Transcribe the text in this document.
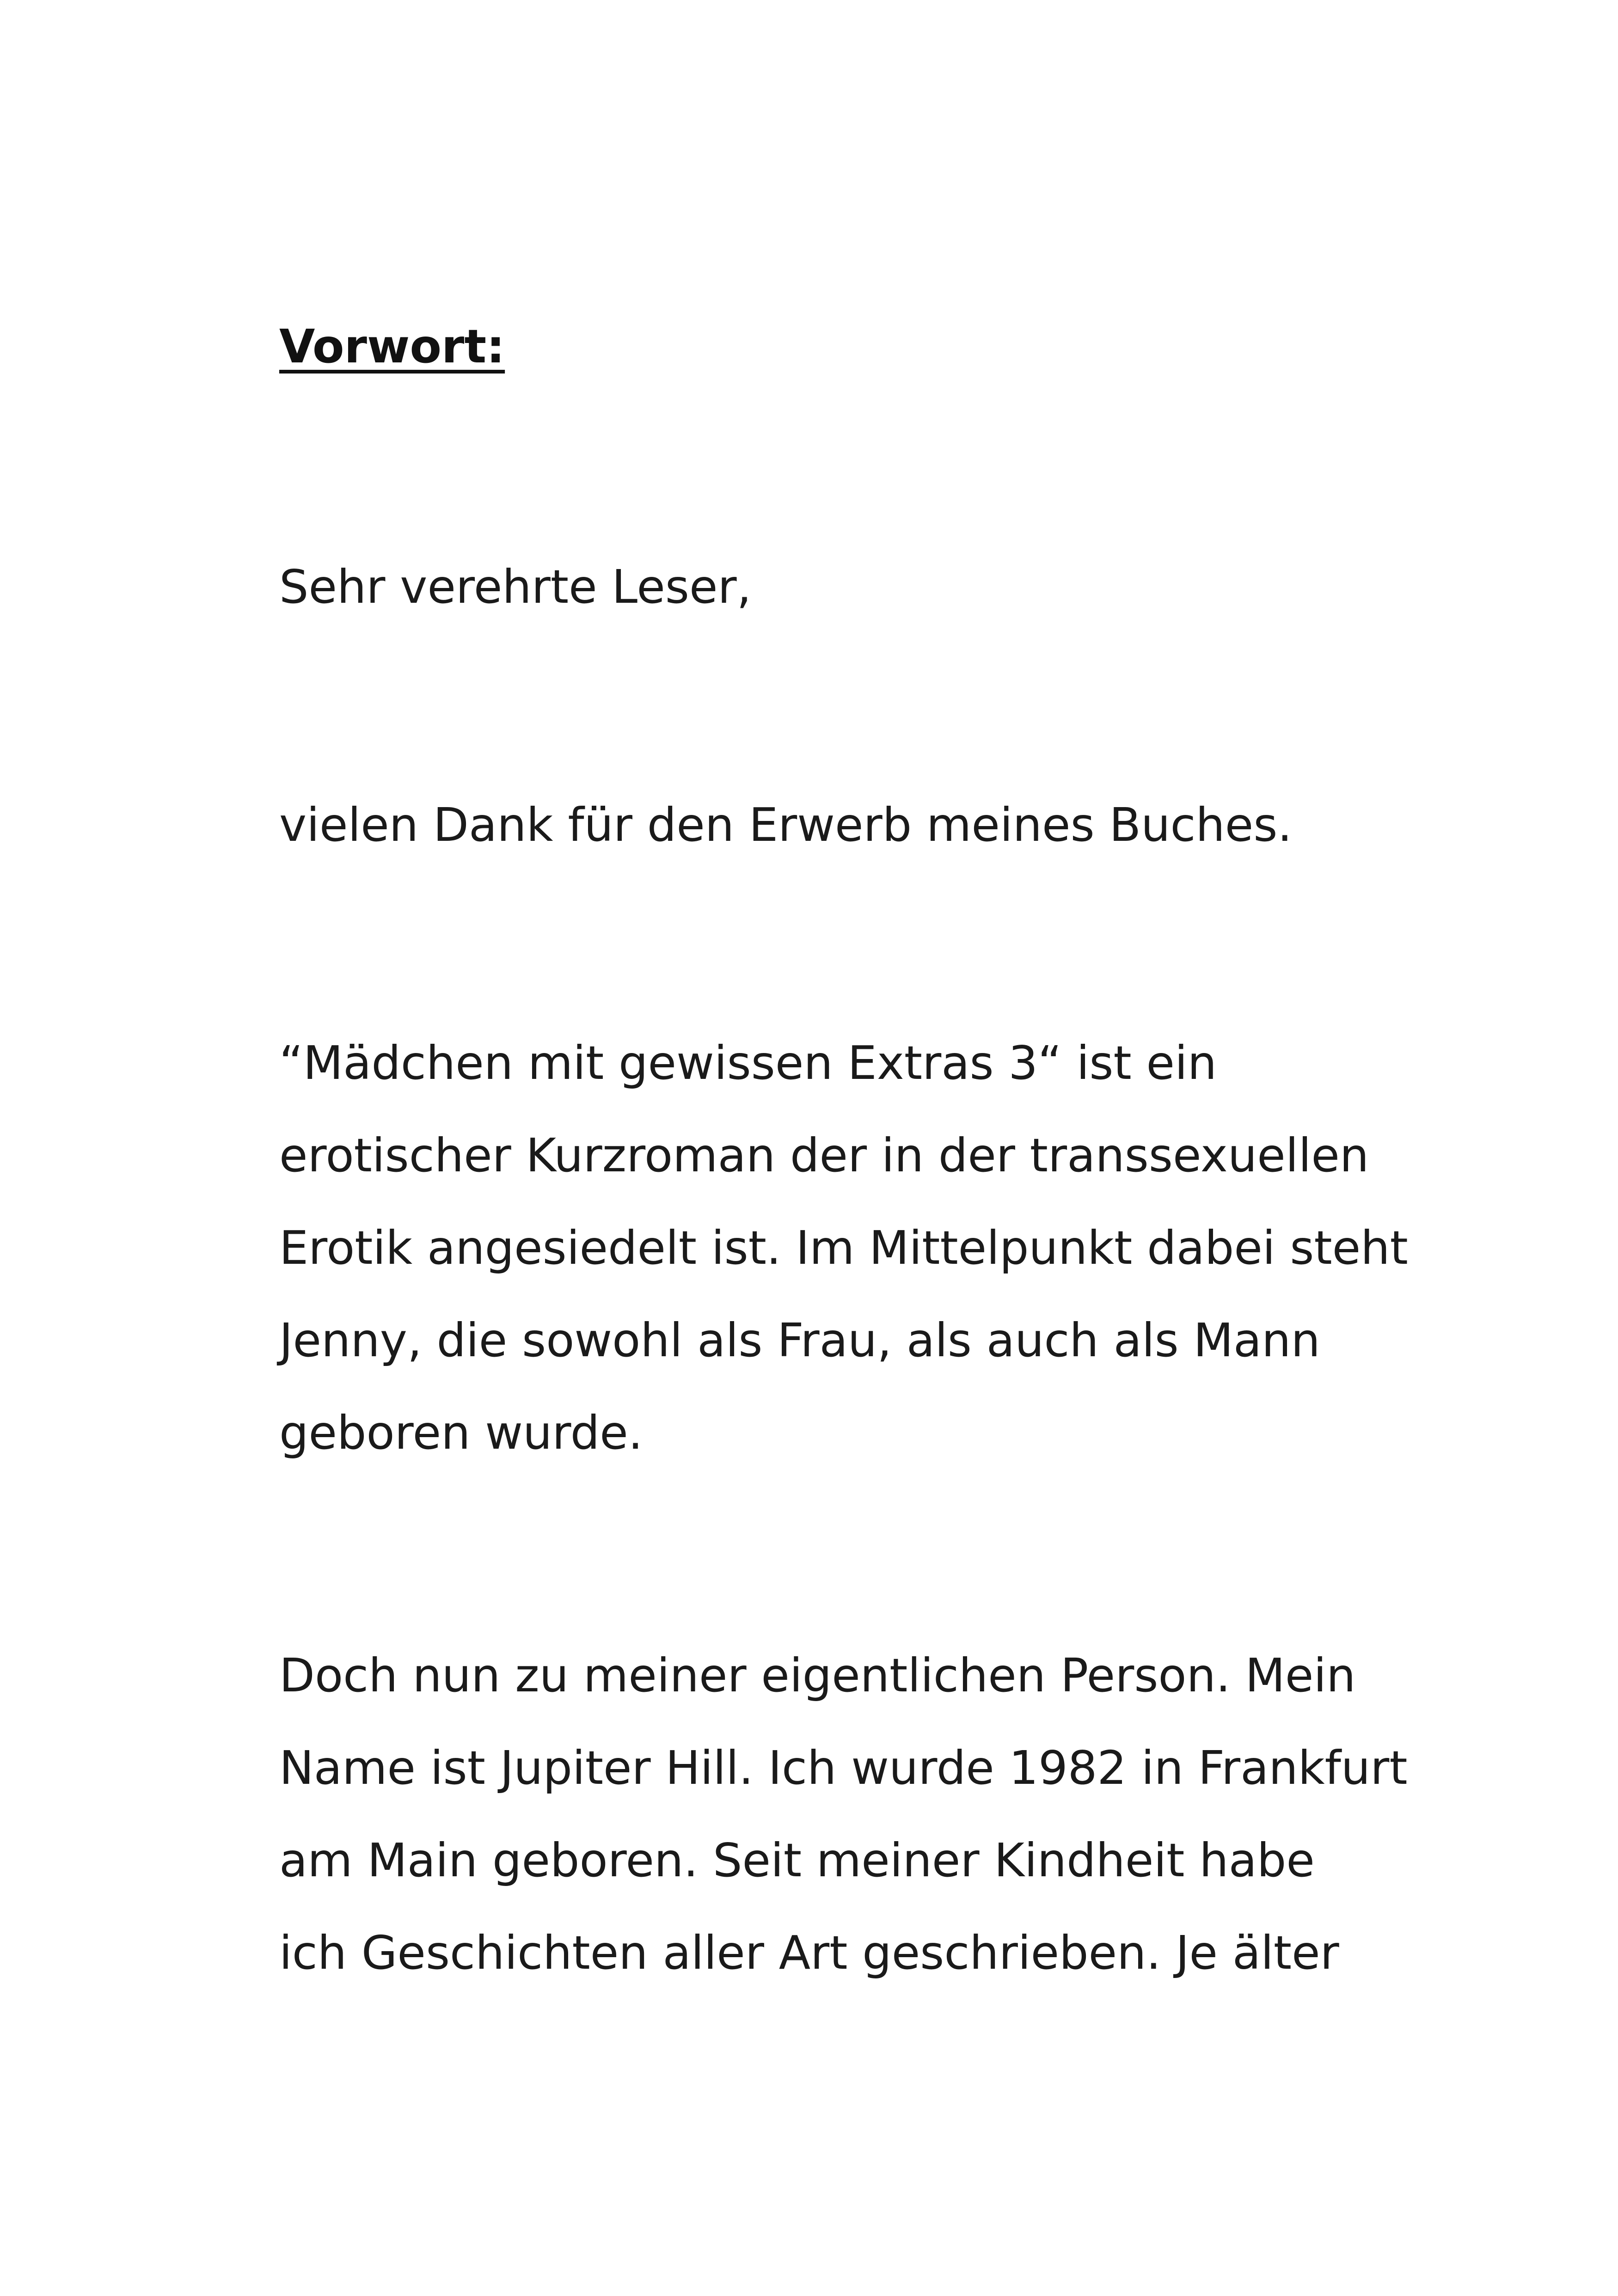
Vorwort:

Sehr verehrte Leser,

vielen Dank für den Erwerb meines Buches.

“Mädchen mit gewissen Extras 3“ ist ein

erotischer Kurzroman der in der transsexuellen

Erotik angesiedelt ist. Im Mittelpunkt dabei steht

Jenny, die sowohl als Frau, als auch als Mann

geboren wurde.

Doch nun zu meiner eigentlichen Person. Mein

Name ist Jupiter Hill. Ich wurde 1982 in Frankfurt

am Main geboren. Seit meiner Kindheit habe

ich Geschichten aller Art geschrieben. Je älter
